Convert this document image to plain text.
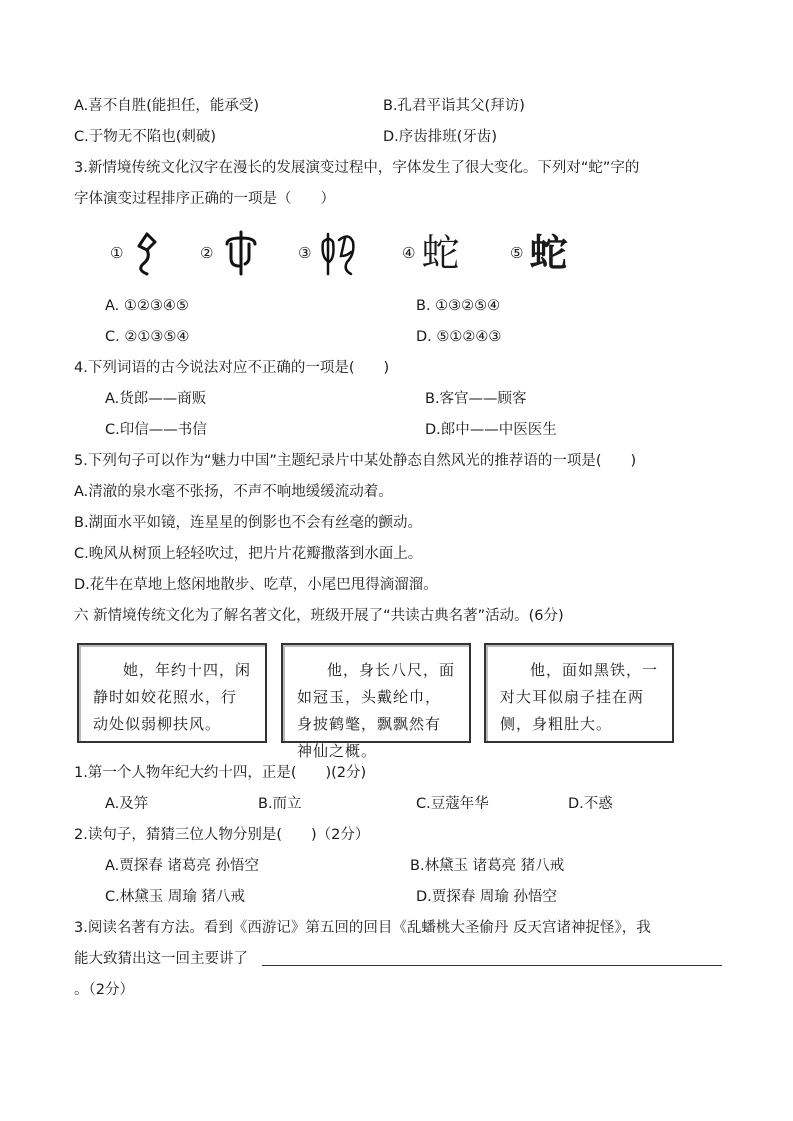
A.喜不自胜(能担任，能承受)	B.孔君平诣其父(拜访)
C.于物无不陷也(刺破)	D.序齿排班(牙齿)
3.新情境传统文化汉字在漫长的发展演变过程中，字体发生了很大变化。下列对“蛇”字的
字体演变过程排序正确的一项是（　　）
①	②	③	④ 蛇	⑤ 蛇
A. ①②③④⑤	B. ①③②⑤④
C. ②①③⑤④	D. ⑤①②④③
4.下列词语的古今说法对应不正确的一项是(　　)
A.货郎——商贩	B.客官——顾客
C.印信——书信	D.郎中——中医医生
5.下列句子可以作为“魅力中国”主题纪录片中某处静态自然风光的推荐语的一项是(　　)
A.清澈的泉水毫不张扬，不声不响地缓缓流动着。
B.湖面水平如镜，连星星的倒影也不会有丝毫的颤动。
C.晚风从树顶上轻轻吹过，把片片花瓣撒落到水面上。
D.花牛在草地上悠闲地散步、吃草，小尾巴甩得滴溜溜。
六 新情境传统文化为了解名著文化，班级开展了“共读古典名著”活动。(6分)
她，年约十四，闲静时如姣花照水，行动处似弱柳扶风。
他，身长八尺，面如冠玉，头戴纶巾，身披鹤氅，飘飘然有神仙之概。
他，面如黑铁，一对大耳似扇子挂在两侧，身粗肚大。
1.第一个人物年纪大约十四，正是(　　)(2分)
A.及笄	B.而立	C.豆蔻年华	D.不惑
2.读句子，猜猜三位人物分别是(　　)（2分）
A.贾探春 诸葛亮 孙悟空	B.林黛玉 诸葛亮 猪八戒
C.林黛玉 周瑜 猪八戒	D.贾探春 周瑜 孙悟空
3.阅读名著有方法。看到《西游记》第五回的回目《乱蟠桃大圣偷丹 反天宫诸神捉怪》，我
能大致猜出这一回主要讲了
。（2分）
